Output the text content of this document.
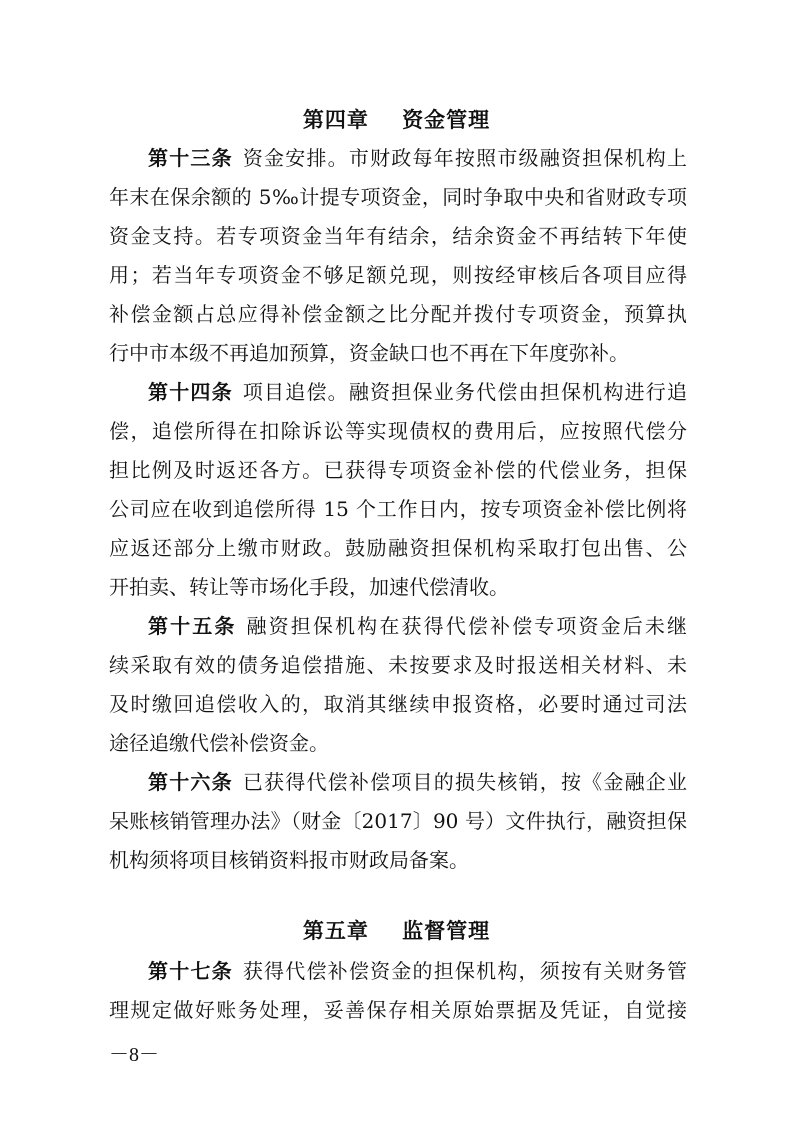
第四章    资金管理
第十三条 资金安排。市财政每年按照市级融资担保机构上
年末在保余额的 5‰计提专项资金，同时争取中央和省财政专项
资金支持。若专项资金当年有结余，结余资金不再结转下年使
用；若当年专项资金不够足额兑现，则按经审核后各项目应得
补偿金额占总应得补偿金额之比分配并拨付专项资金，预算执
行中市本级不再追加预算，资金缺口也不再在下年度弥补。
第十四条 项目追偿。融资担保业务代偿由担保机构进行追
偿，追偿所得在扣除诉讼等实现债权的费用后，应按照代偿分
担比例及时返还各方。已获得专项资金补偿的代偿业务，担保
公司应在收到追偿所得 15 个工作日内，按专项资金补偿比例将
应返还部分上缴市财政。鼓励融资担保机构采取打包出售、公
开拍卖、转让等市场化手段，加速代偿清收。
第十五条 融资担保机构在获得代偿补偿专项资金后未继
续采取有效的债务追偿措施、未按要求及时报送相关材料、未
及时缴回追偿收入的，取消其继续申报资格，必要时通过司法
途径追缴代偿补偿资金。
第十六条 已获得代偿补偿项目的损失核销，按《金融企业
呆账核销管理办法》（财金〔2017〕90 号）文件执行，融资担保
机构须将项目核销资料报市财政局备案。
第五章    监督管理
第十七条 获得代偿补偿资金的担保机构，须按有关财务管
理规定做好账务处理，妥善保存相关原始票据及凭证，自觉接
－8－
